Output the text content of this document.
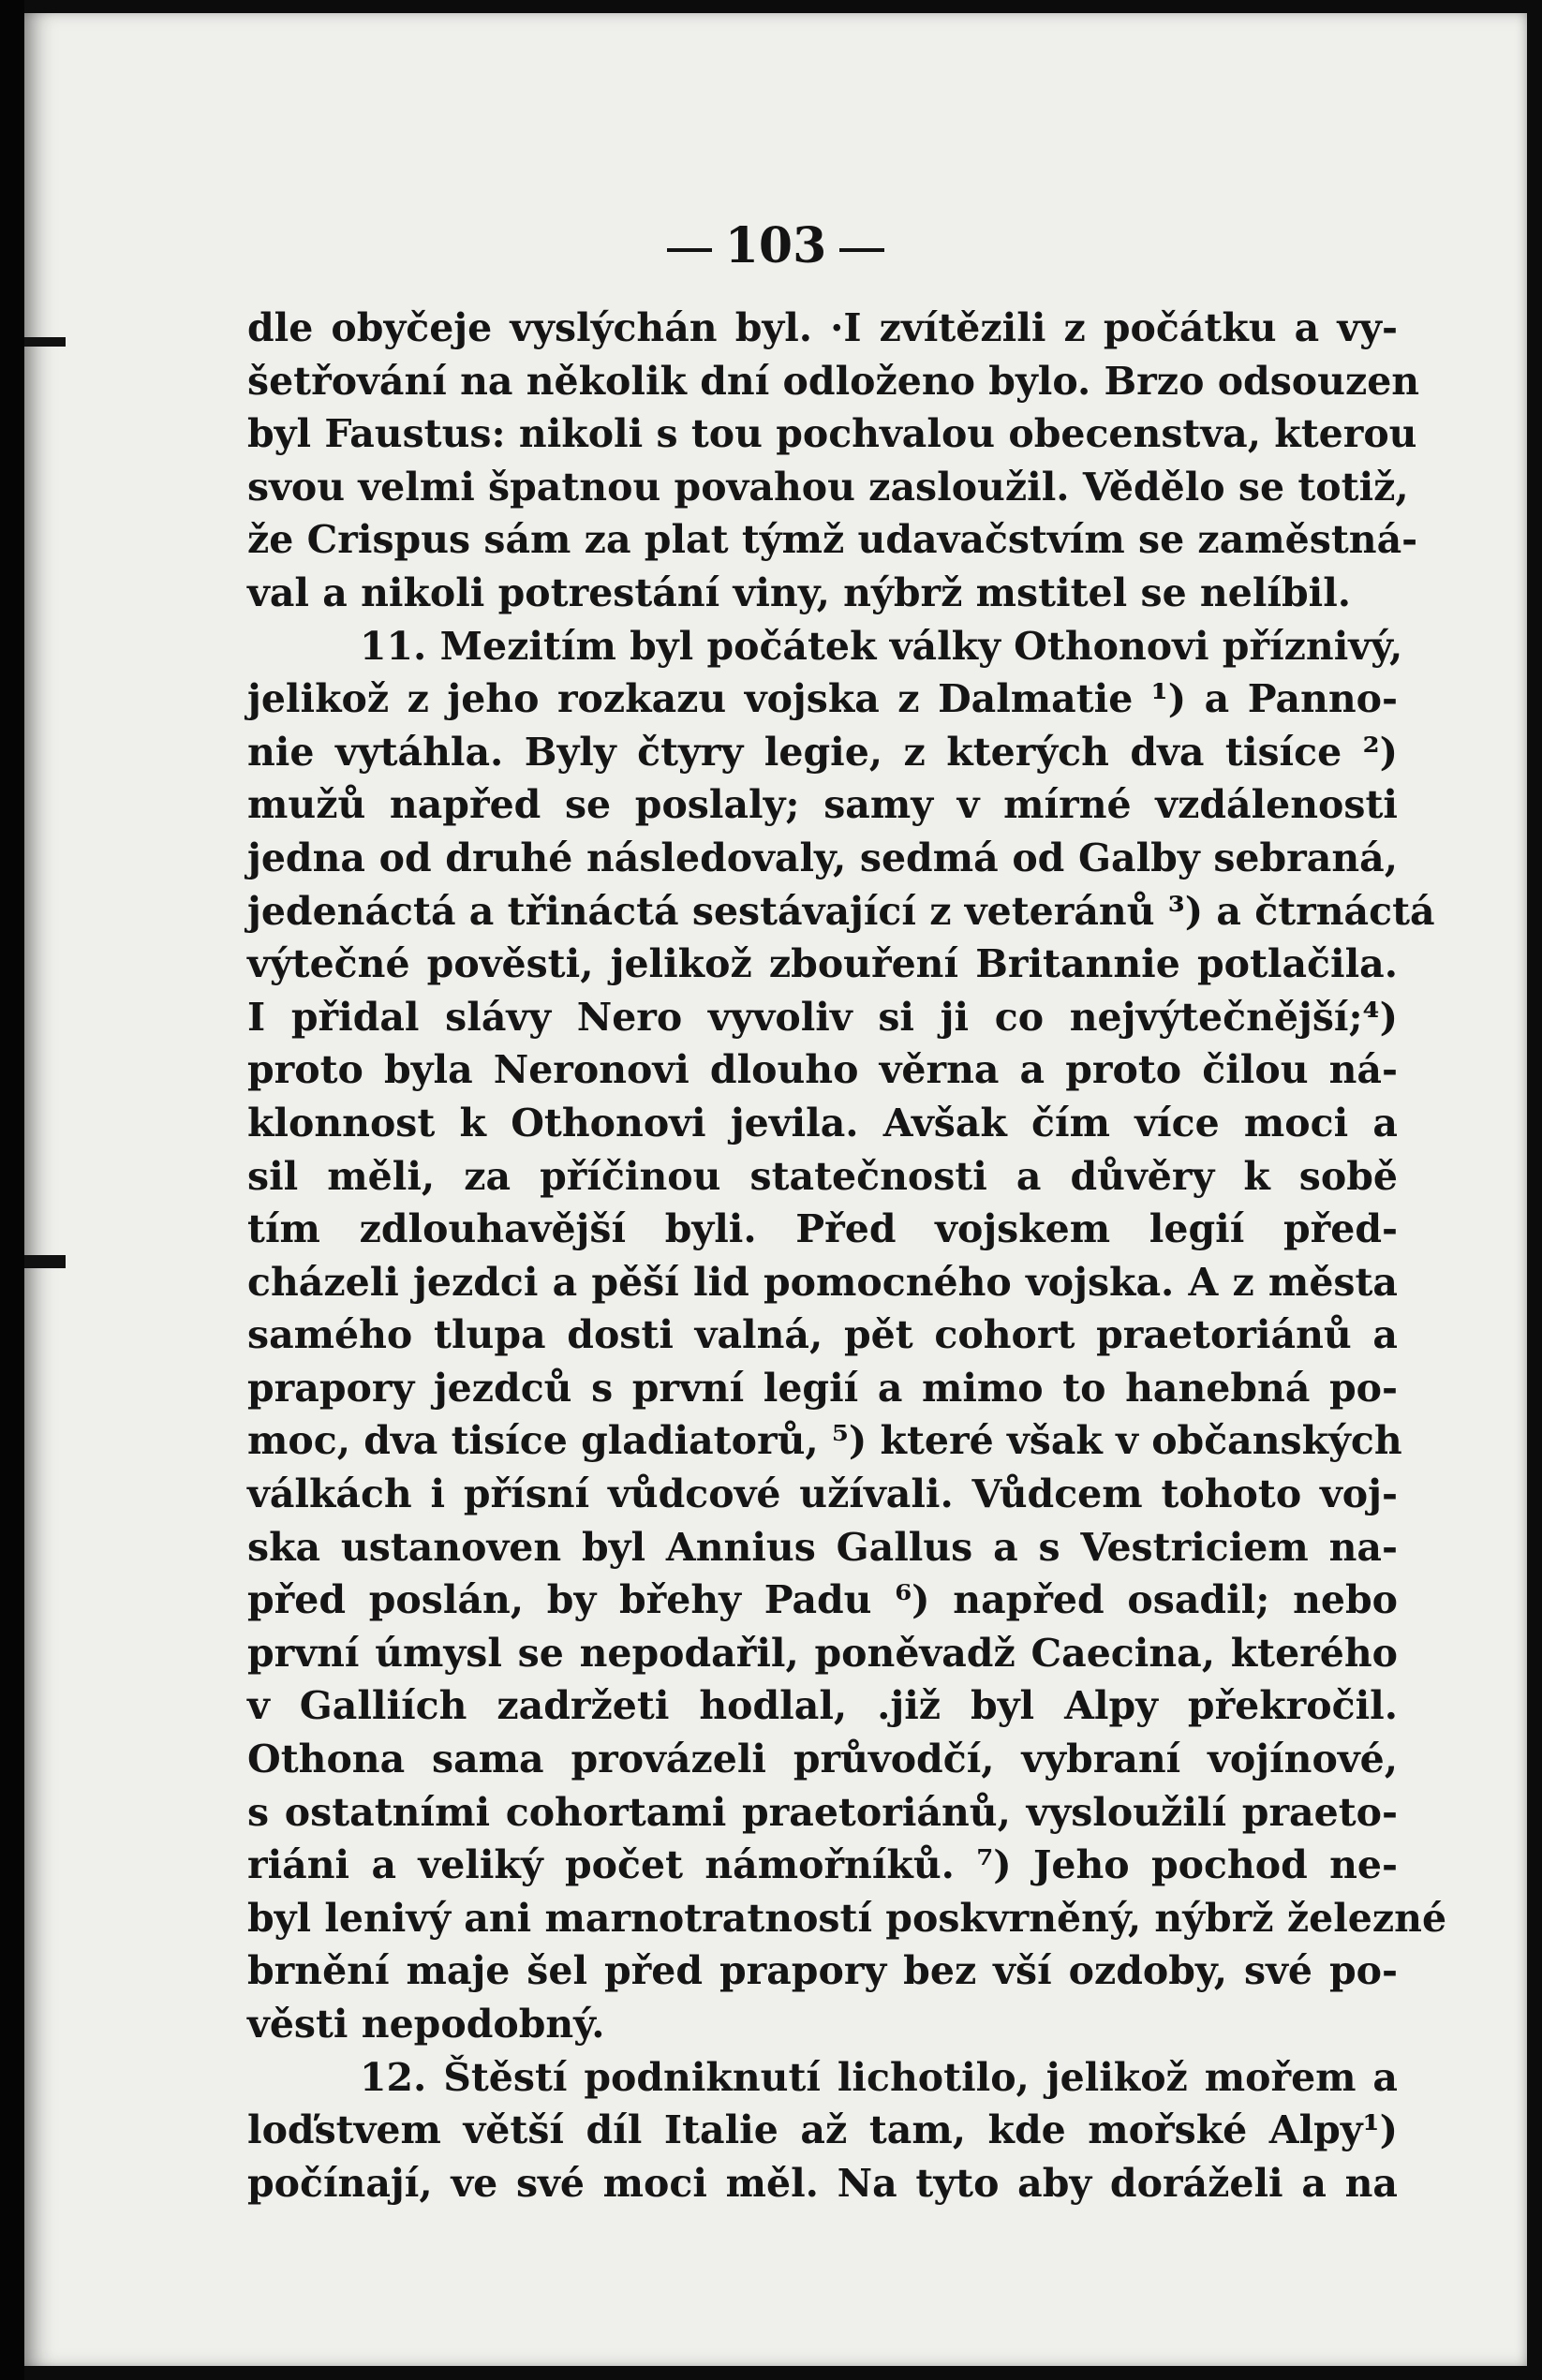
103
dle obyčeje vyslýchán byl. ·I zvítězili z počátku a vy-
šetřování na několik dní odloženo bylo. Brzo odsouzen
byl Faustus: nikoli s tou pochvalou obecenstva, kterou
svou velmi špatnou povahou zasloužil. Vědělo se totiž,
že Crispus sám za plat týmž udavačstvím se zaměstná-
val a nikoli potrestání viny, nýbrž mstitel se nelíbil.
11. Mezitím byl počátek války Othonovi příznivý,
jelikož z jeho rozkazu vojska z Dalmatie ¹) a Panno-
nie vytáhla. Byly čtyry legie, z kterých dva tisíce ²)
mužů napřed se poslaly; samy v mírné vzdálenosti
jedna od druhé následovaly, sedmá od Galby sebraná,
jedenáctá a třináctá sestávající z veteránů ³) a čtrnáctá
výtečné pověsti, jelikož zbouření Britannie potlačila.
I přidal slávy Nero vyvoliv si ji co nejvýtečnější;⁴)
proto byla Neronovi dlouho věrna a proto čilou ná-
klonnost k Othonovi jevila. Avšak čím více moci a
sil měli, za příčinou statečnosti a důvěry k sobě
tím zdlouhavější byli. Před vojskem legií před-
cházeli jezdci a pěší lid pomocného vojska. A z města
samého tlupa dosti valná, pět cohort praetoriánů a
prapory jezdců s první legií a mimo to hanebná po-
moc, dva tisíce gladiatorů, ⁵) které však v občanských
válkách i přísní vůdcové užívali. Vůdcem tohoto voj-
ska ustanoven byl Annius Gallus a s Vestriciem na-
před poslán, by břehy Padu ⁶) napřed osadil; nebo
první úmysl se nepodařil, poněvadž Caecina, kterého
v Galliích zadržeti hodlal, .již byl Alpy překročil.
Othona sama provázeli průvodčí, vybraní vojínové,
s ostatními cohortami praetoriánů, vysloužilí praeto-
riáni a veliký počet námořníků. ⁷) Jeho pochod ne-
byl lenivý ani marnotratností poskvrněný, nýbrž železné
brnění maje šel před prapory bez vší ozdoby, své po-
věsti nepodobný.
12. Štěstí podniknutí lichotilo, jelikož mořem a
loďstvem větší díl Italie až tam, kde mořské Alpy¹)
počínají, ve své moci měl. Na tyto aby doráželi a na
